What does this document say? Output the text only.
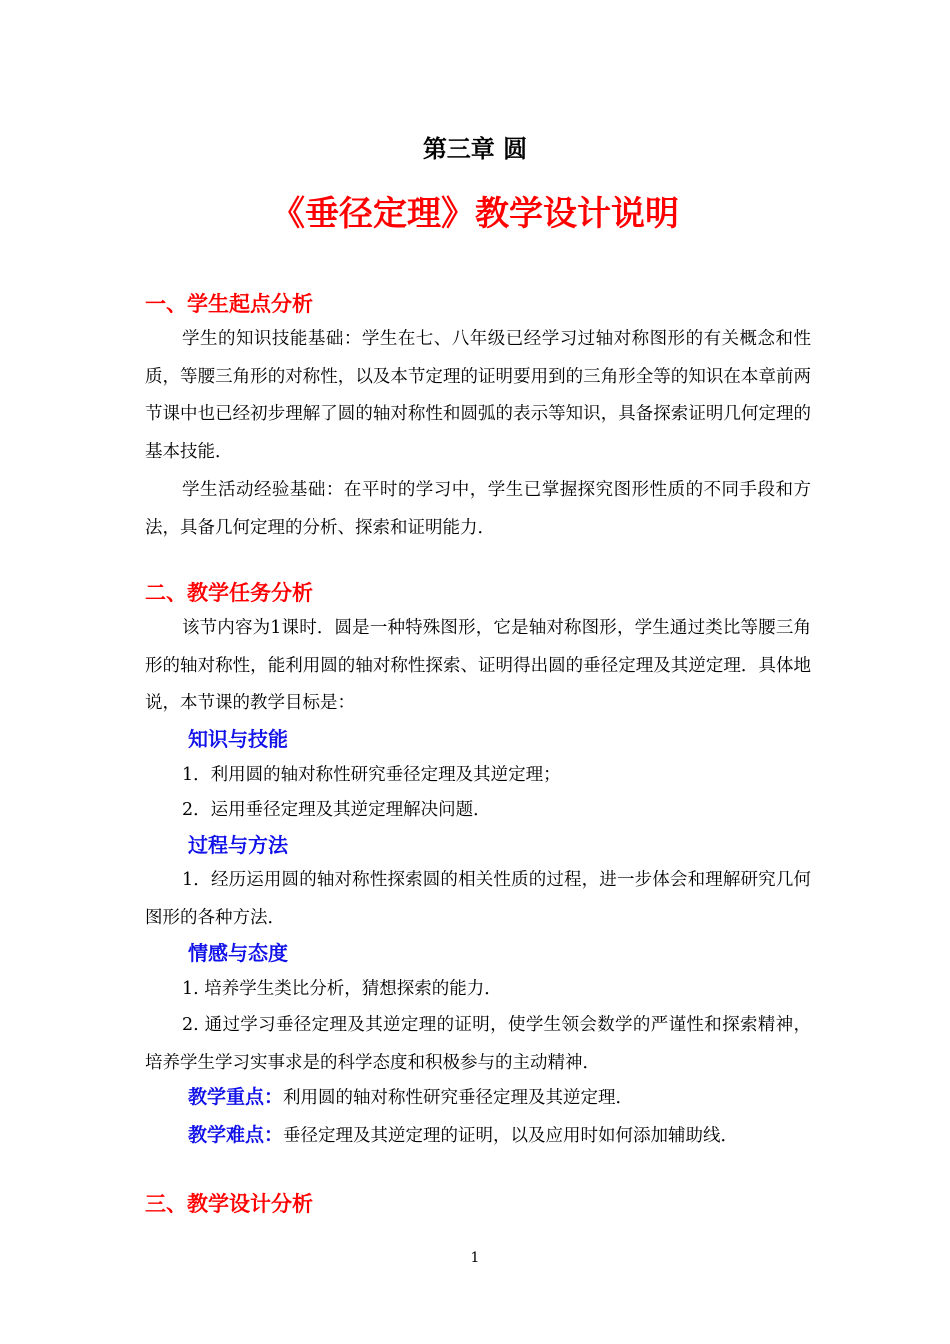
第三章 圆
《垂径定理》教学设计说明
一、学生起点分析
学生的知识技能基础：学生在七、八年级已经学习过轴对称图形的有关概念和性质，等腰三角形的对称性，以及本节定理的证明要用到的三角形全等的知识在本章前两节课中也已经初步理解了圆的轴对称性和圆弧的表示等知识，具备探索证明几何定理的基本技能．
学生活动经验基础：在平时的学习中，学生已掌握探究图形性质的不同手段和方法，具备几何定理的分析、探索和证明能力．
二、教学任务分析
该节内容为1课时．圆是一种特殊图形，它是轴对称图形，学生通过类比等腰三角形的轴对称性，能利用圆的轴对称性探索、证明得出圆的垂径定理及其逆定理．具体地说，本节课的教学目标是：
知识与技能
1．利用圆的轴对称性研究垂径定理及其逆定理；
2．运用垂径定理及其逆定理解决问题．
过程与方法
1．经历运用圆的轴对称性探索圆的相关性质的过程，进一步体会和理解研究几何图形的各种方法．
情感与态度
1. 培养学生类比分析，猜想探索的能力．
2. 通过学习垂径定理及其逆定理的证明，使学生领会数学的严谨性和探索精神，培养学生学习实事求是的科学态度和积极参与的主动精神．
教学重点：利用圆的轴对称性研究垂径定理及其逆定理．
教学难点：垂径定理及其逆定理的证明，以及应用时如何添加辅助线．
三、教学设计分析
1
